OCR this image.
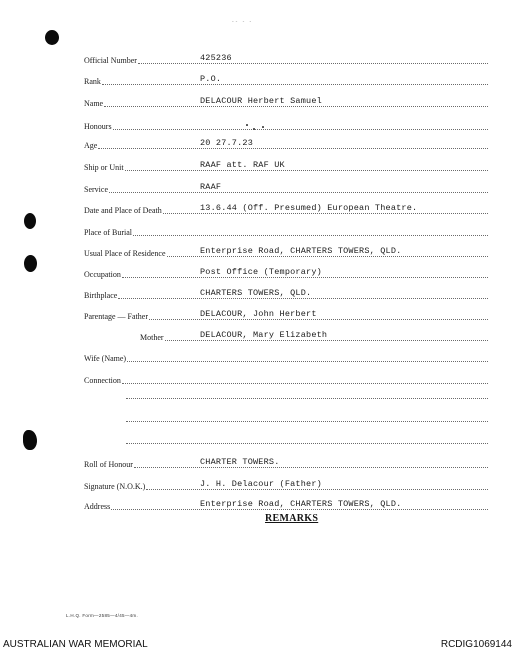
-- - -
Official Number	425236
Rank	P.O.
Name	DELACOUR Herbert Samuel
Honours
Age	20 27.7.23
Ship or Unit	RAAF att. RAF UK
Service	RAAF
Date and Place of Death	13.6.44 (Off. Presumed) European Theatre.
Place of Burial
Usual Place of Residence	Enterprise Road, CHARTERS TOWERS, QLD.
Occupation	Post Office (Temporary)
Birthplace	CHARTERS TOWERS, QLD.
Parentage — Father	DELACOUR, John Herbert
Mother	DELACOUR, Mary Elizabeth
Wife (Name)
Connection
Roll of Honour	CHARTER TOWERS.
Signature (N.O.K.)	J. H. Delacour (Father)
Address	Enterprise Road, CHARTERS TOWERS, QLD.
REMARKS
L.H.Q. Form—2585—4/45—4m.
AUSTRALIAN WAR MEMORIAL	RCDIG1069144
